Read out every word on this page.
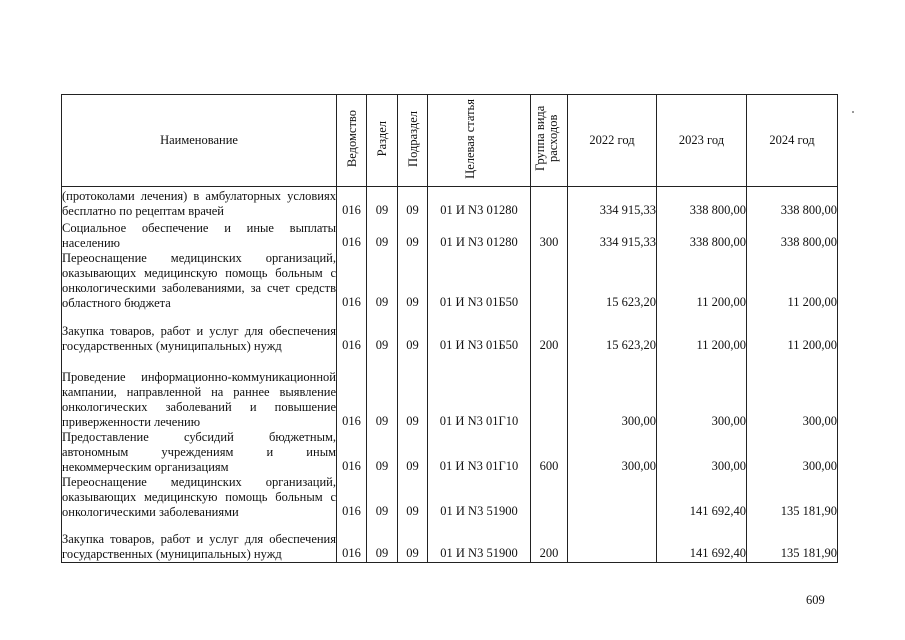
Наименование	Ведомство	Раздел	Подраздел	Целевая статья	Группа вида расходов	2022 год	2023 год	2024 год
(протоколами лечения) в амбулаторных условиях бесплатно по рецептам врачей	016	09	09	01 И N3 01280		334 915,33	338 800,00	338 800,00
Социальное обеспечение и иные выплаты населению	016	09	09	01 И N3 01280	300	334 915,33	338 800,00	338 800,00
Переоснащение медицинских организаций, оказывающих медицинскую помощь больным с онкологическими заболеваниями, за счет средств областного бюджета	016	09	09	01 И N3 01Б50		15 623,20	11 200,00	11 200,00
Закупка товаров, работ и услуг для обеспечения государственных (муниципальных) нужд	016	09	09	01 И N3 01Б50	200	15 623,20	11 200,00	11 200,00
Проведение информационно-коммуникационной кампании, направленной на раннее выявление онкологических заболеваний и повышение приверженности лечению	016	09	09	01 И N3 01Г10		300,00	300,00	300,00
Предоставление субсидий бюджетным, автономным учреждениям и иным некоммерческим организациям	016	09	09	01 И N3 01Г10	600	300,00	300,00	300,00
Переоснащение медицинских организаций, оказывающих медицинскую помощь больным с онкологическими заболеваниями	016	09	09	01 И N3 51900			141 692,40	135 181,90
Закупка товаров, работ и услуг для обеспечения государственных (муниципальных) нужд	016	09	09	01 И N3 51900	200		141 692,40	135 181,90
609
